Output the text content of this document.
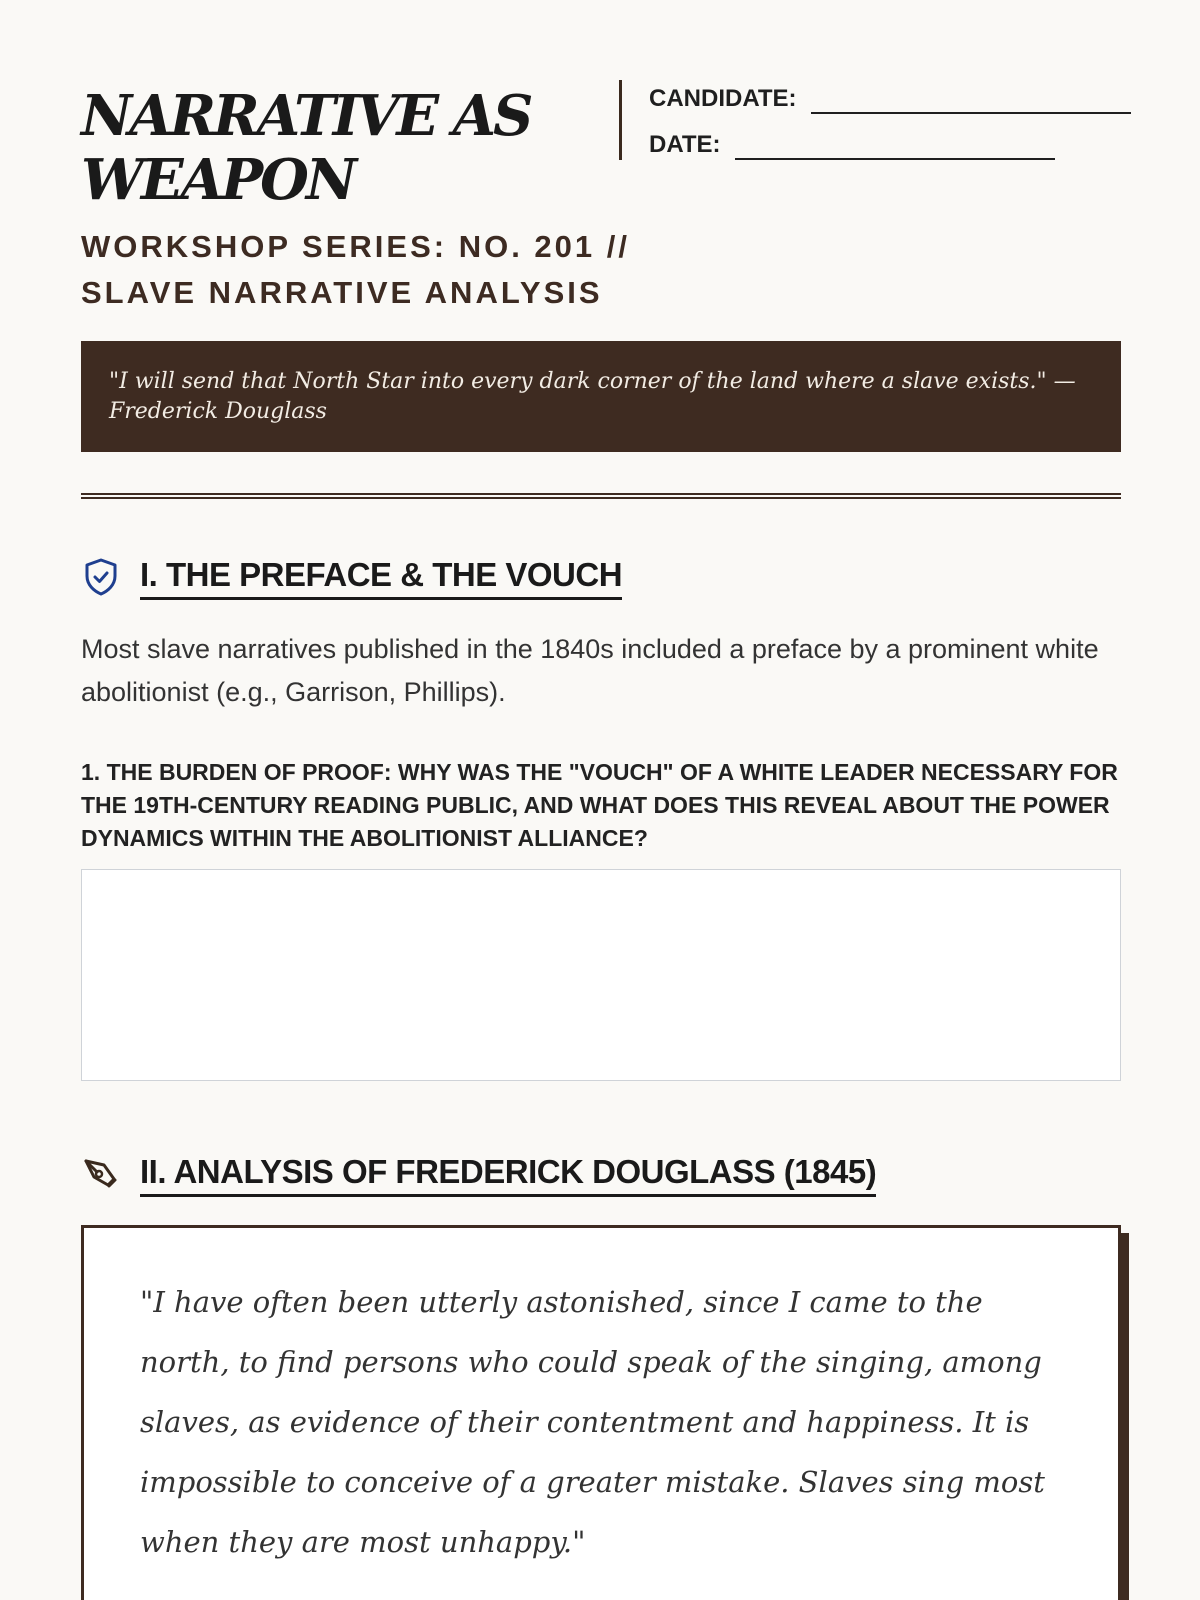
NARRATIVE AS WEAPON
WORKSHOP SERIES: NO. 201 // SLAVE NARRATIVE ANALYSIS
CANDIDATE:
DATE:
"I will send that North Star into every dark corner of the land where a slave exists." — Frederick Douglass
I. THE PREFACE & THE VOUCH

Most slave narratives published in the 1840s included a preface by a prominent white abolitionist (e.g., Garrison, Phillips).

1. THE BURDEN OF PROOF: WHY WAS THE "VOUCH" OF A WHITE LEADER NECESSARY FOR THE 19TH-CENTURY READING PUBLIC, AND WHAT DOES THIS REVEAL ABOUT THE POWER DYNAMICS WITHIN THE ABOLITIONIST ALLIANCE?
II. ANALYSIS OF FREDERICK DOUGLASS (1845)

"I have often been utterly astonished, since I came to the north, to find persons who could speak of the singing, among slaves, as evidence of their contentment and happiness. It is impossible to conceive of a greater mistake. Slaves sing most when they are most unhappy."
